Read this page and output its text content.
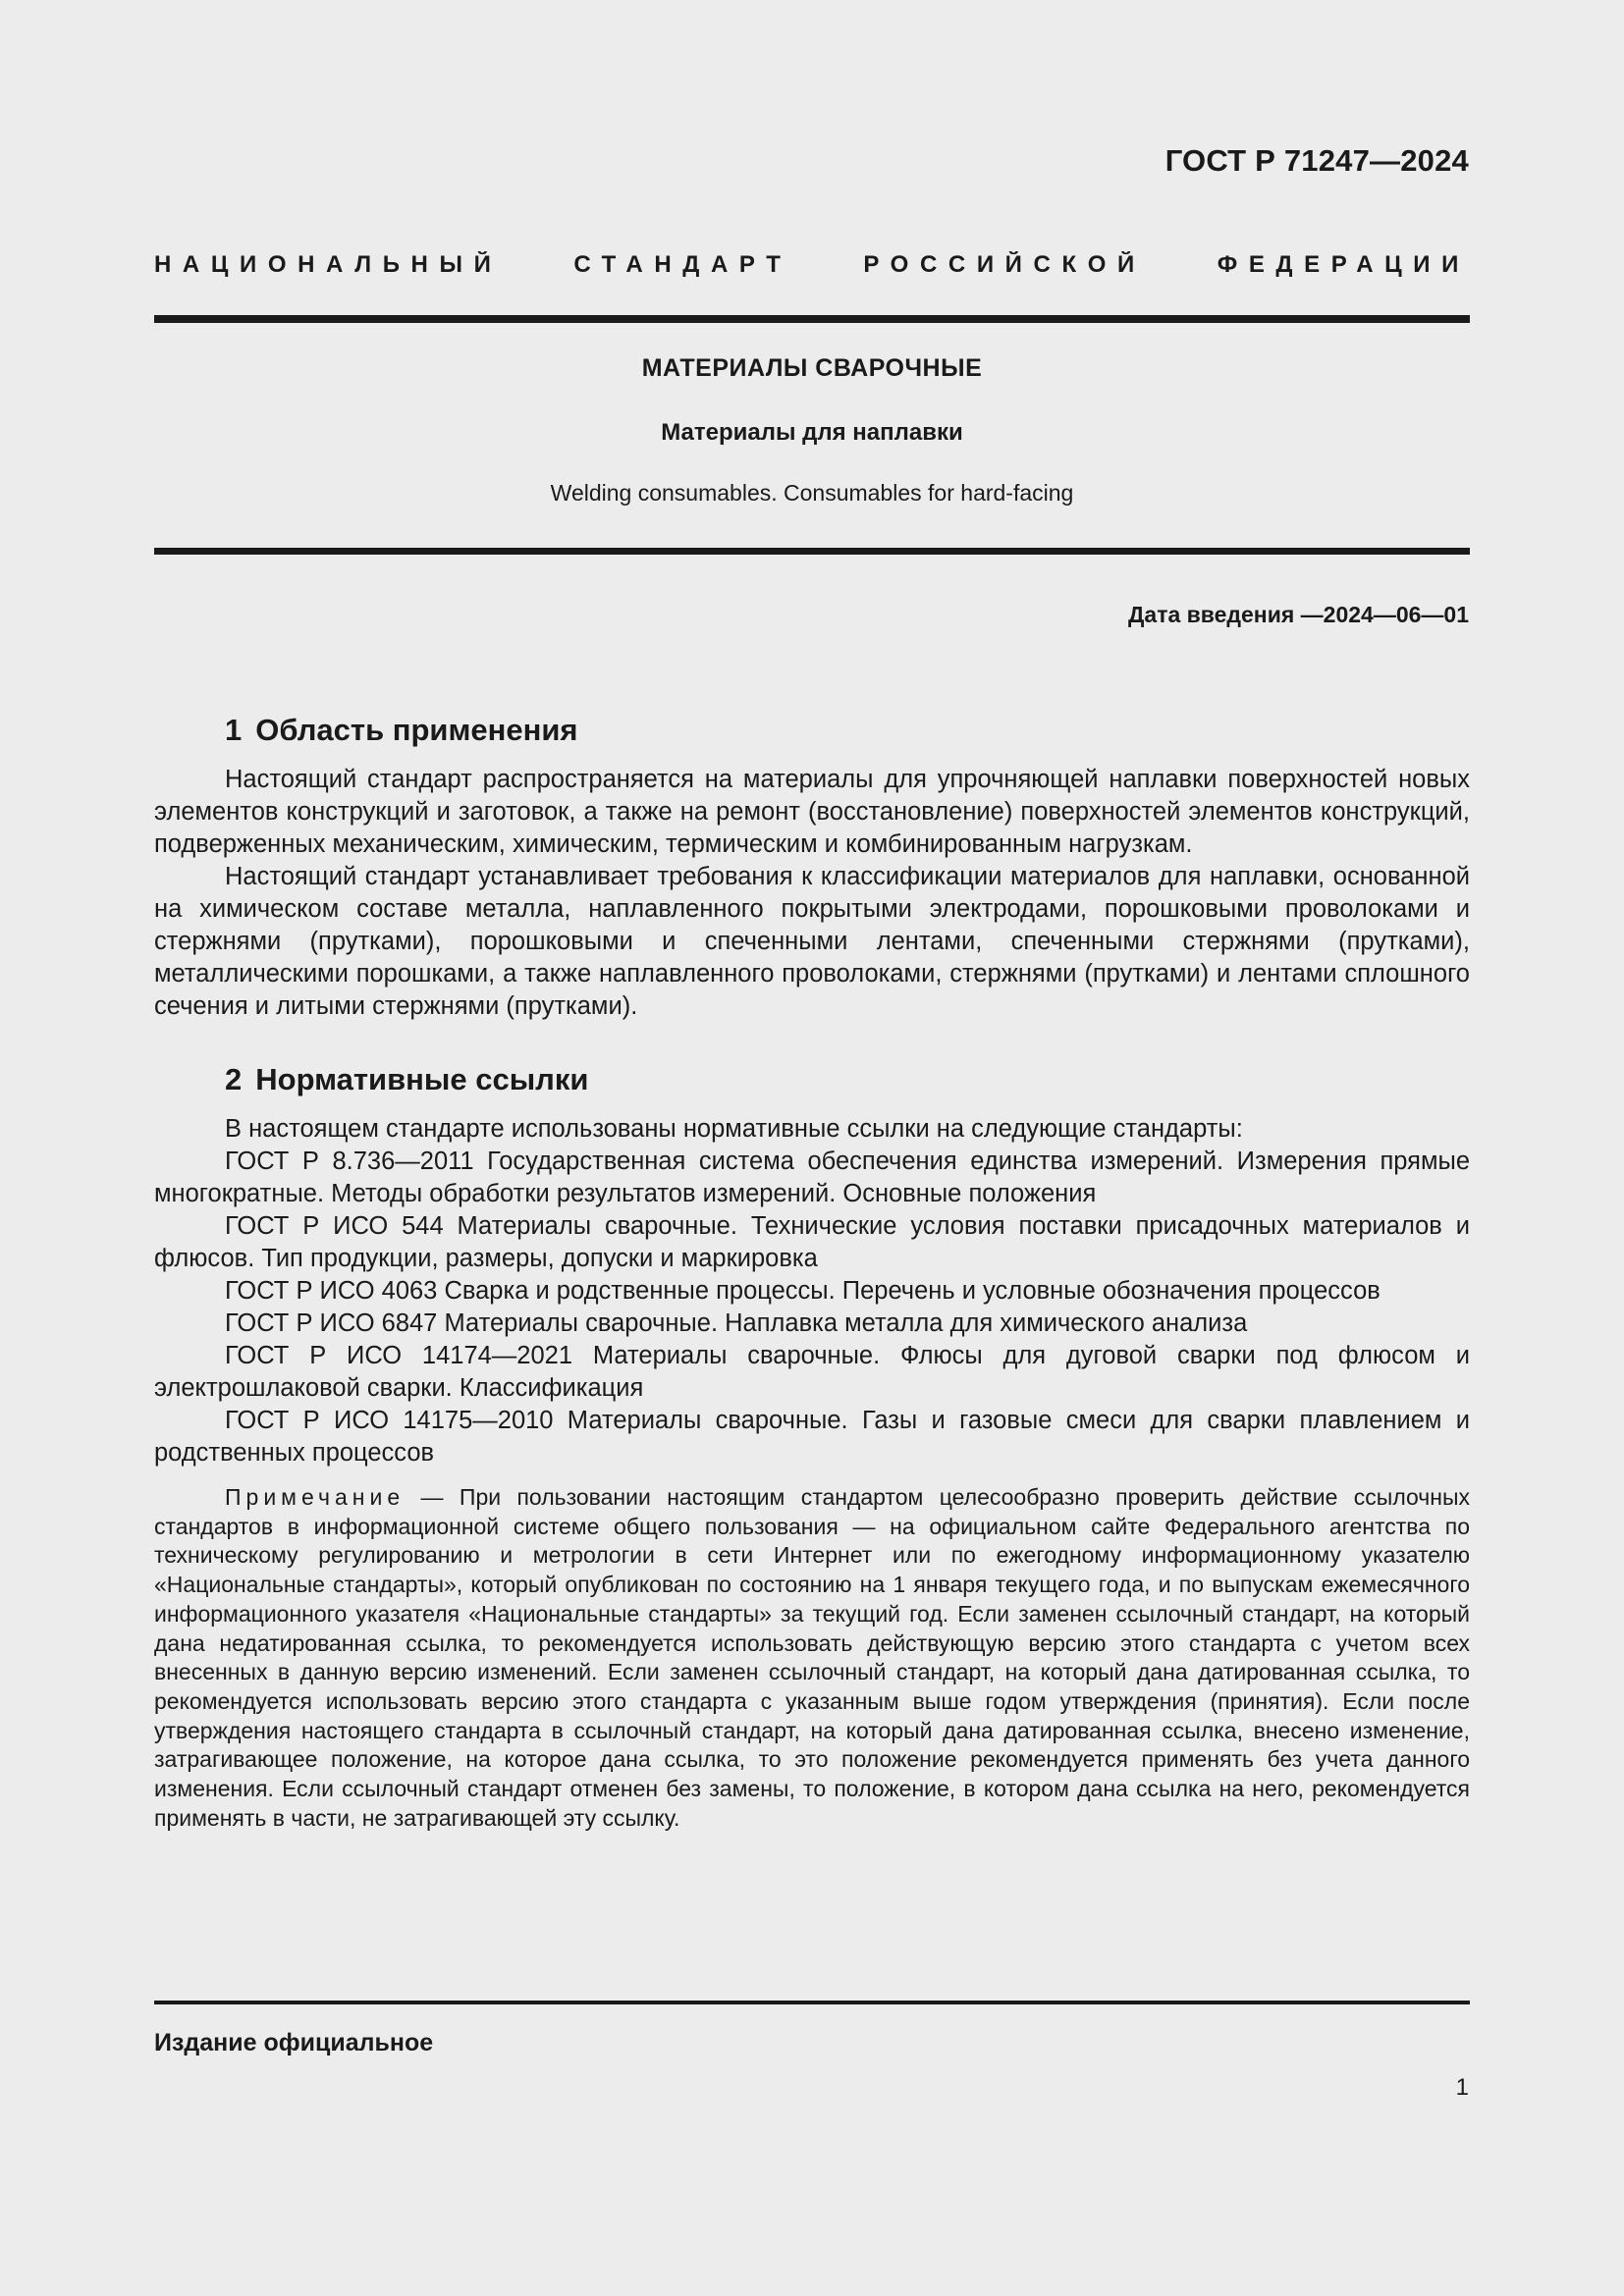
ГОСТ Р 71247—2024
НАЦИОНАЛЬНЫЙ СТАНДАРТ РОССИЙСКОЙ ФЕДЕРАЦИИ
МАТЕРИАЛЫ СВАРОЧНЫЕ
Материалы для наплавки
Welding consumables. Consumables for hard-facing
Дата введения —2024—06—01
1 Область применения

Настоящий стандарт распространяется на материалы для упрочняющей наплавки поверхностей новых элементов конструкций и заготовок, а также на ремонт (восстановление) поверхностей элементов конструкций, подверженных механическим, химическим, термическим и комбинированным нагрузкам.

Настоящий стандарт устанавливает требования к классификации материалов для наплавки, основанной на химическом составе металла, наплавленного покрытыми электродами, порошковыми проволоками и стержнями (прутками), порошковыми и спеченными лентами, спеченными стержнями (прутками), металлическими порошками, а также наплавленного проволоками, стержнями (прутками) и лентами сплошного сечения и литыми стержнями (прутками).

2 Нормативные ссылки

В настоящем стандарте использованы нормативные ссылки на следующие стандарты:

ГОСТ Р 8.736—2011 Государственная система обеспечения единства измерений. Измерения прямые многократные. Методы обработки результатов измерений. Основные положения

ГОСТ Р ИСО 544 Материалы сварочные. Технические условия поставки присадочных материалов и флюсов. Тип продукции, размеры, допуски и маркировка

ГОСТ Р ИСО 4063 Сварка и родственные процессы. Перечень и условные обозначения процессов

ГОСТ Р ИСО 6847 Материалы сварочные. Наплавка металла для химического анализа

ГОСТ Р ИСО 14174—2021 Материалы сварочные. Флюсы для дуговой сварки под флюсом и электрошлаковой сварки. Классификация

ГОСТ Р ИСО 14175—2010 Материалы сварочные. Газы и газовые смеси для сварки плавлением и родственных процессов

Примечание — При пользовании настоящим стандартом целесообразно проверить действие ссылочных стандартов в информационной системе общего пользования — на официальном сайте Федерального агентства по техническому регулированию и метрологии в сети Интернет или по ежегодному информационному указателю «Национальные стандарты», который опубликован по состоянию на 1 января текущего года, и по выпускам ежемесячного информационного указателя «Национальные стандарты» за текущий год. Если заменен ссылочный стандарт, на который дана недатированная ссылка, то рекомендуется использовать действующую версию этого стандарта с учетом всех внесенных в данную версию изменений. Если заменен ссылочный стандарт, на который дана датированная ссылка, то рекомендуется использовать версию этого стандарта с указанным выше годом утверждения (принятия). Если после утверждения настоящего стандарта в ссылочный стандарт, на который дана датированная ссылка, внесено изменение, затрагивающее положение, на которое дана ссылка, то это положение рекомендуется применять без учета данного изменения. Если ссылочный стандарт отменен без замены, то положение, в котором дана ссылка на него, рекомендуется применять в части, не затрагивающей эту ссылку.

Издание официальное
1
